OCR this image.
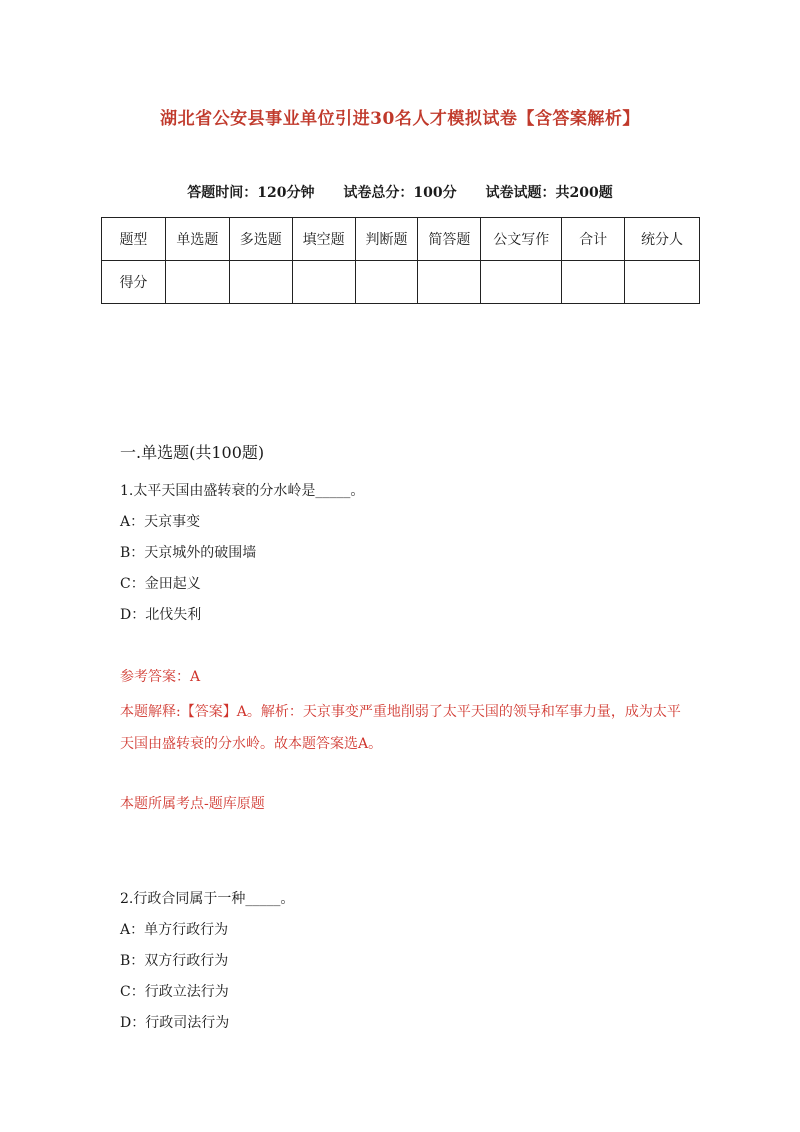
湖北省公安县事业单位引进30名人才模拟试卷【含答案解析】
答题时间：120分钟 试卷总分：100分 试卷试题：共200题
题型	单选题	多选题	填空题	判断题	简答题	公文写作	合计	统分人
得分								
一.单选题(共100题)
1.太平天国由盛转衰的分水岭是_____。
A：天京事变
B：天京城外的破围墙
C：金田起义
D：北伐失利
参考答案：A
本题解释:【答案】A。解析：天京事变严重地削弱了太平天国的领导和军事力量，成为太平天国由盛转衰的分水岭。故本题答案选A。
本题所属考点-题库原题
2.行政合同属于一种_____。
A：单方行政行为
B：双方行政行为
C：行政立法行为
D：行政司法行为
